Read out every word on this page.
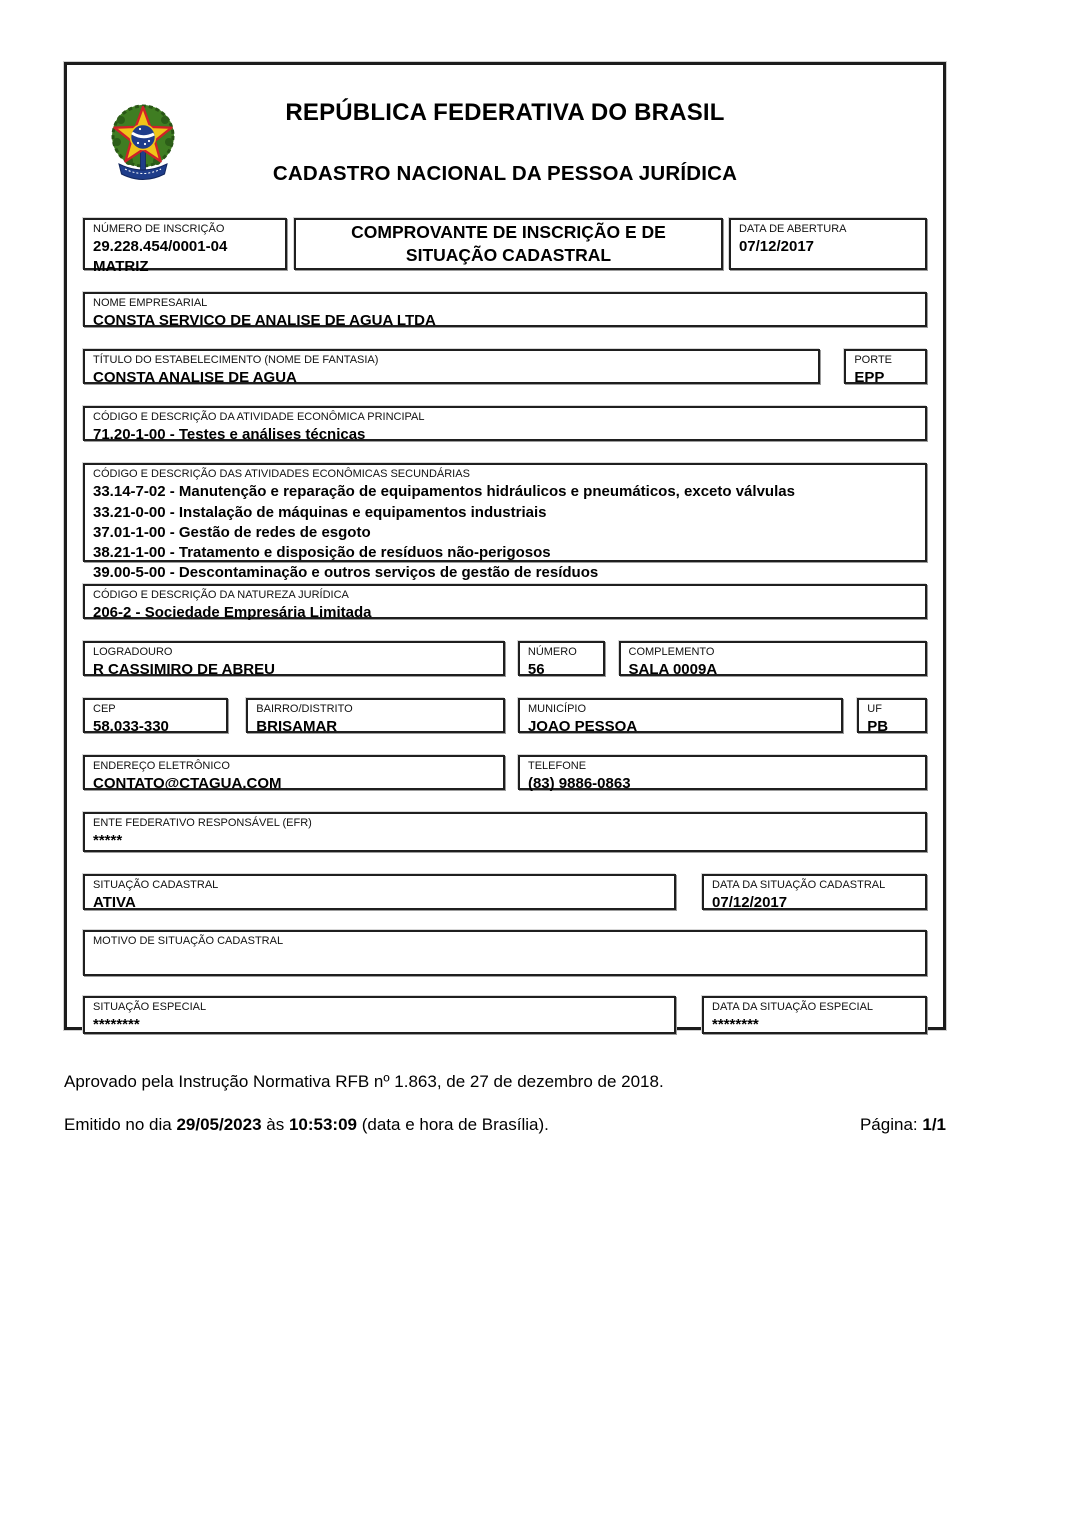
REPÚBLICA FEDERATIVA DO BRASIL
CADASTRO NACIONAL DA PESSOA JURÍDICA
NÚMERO DE INSCRIÇÃO
29.228.454/0001-04
MATRIZ
COMPROVANTE DE INSCRIÇÃO E DE SITUAÇÃO CADASTRAL
DATA DE ABERTURA
07/12/2017
NOME EMPRESARIAL
CONSTA SERVICO DE ANALISE DE AGUA LTDA
TÍTULO DO ESTABELECIMENTO (NOME DE FANTASIA)
CONSTA ANALISE DE AGUA
PORTE
EPP
CÓDIGO E DESCRIÇÃO DA ATIVIDADE ECONÔMICA PRINCIPAL
71.20-1-00 - Testes e análises técnicas
CÓDIGO E DESCRIÇÃO DAS ATIVIDADES ECONÔMICAS SECUNDÁRIAS
33.14-7-02 - Manutenção e reparação de equipamentos hidráulicos e pneumáticos, exceto válvulas
33.21-0-00 - Instalação de máquinas e equipamentos industriais
37.01-1-00 - Gestão de redes de esgoto
38.21-1-00 - Tratamento e disposição de resíduos não-perigosos
39.00-5-00 - Descontaminação e outros serviços de gestão de resíduos
CÓDIGO E DESCRIÇÃO DA NATUREZA JURÍDICA
206-2 - Sociedade Empresária Limitada
LOGRADOURO
R CASSIMIRO DE ABREU
NÚMERO
56
COMPLEMENTO
SALA 0009A
CEP
58.033-330
BAIRRO/DISTRITO
BRISAMAR
MUNICÍPIO
JOAO PESSOA
UF
PB
ENDEREÇO ELETRÔNICO
CONTATO@CTAGUA.COM
TELEFONE
(83) 9886-0863
ENTE FEDERATIVO RESPONSÁVEL (EFR)
*****
SITUAÇÃO CADASTRAL
ATIVA
DATA DA SITUAÇÃO CADASTRAL
07/12/2017
MOTIVO DE SITUAÇÃO CADASTRAL
SITUAÇÃO ESPECIAL
********
DATA DA SITUAÇÃO ESPECIAL
********
Aprovado pela Instrução Normativa RFB nº 1.863, de 27 de dezembro de 2018.
Emitido no dia 29/05/2023 às 10:53:09 (data e hora de Brasília).	Página: 1/1
